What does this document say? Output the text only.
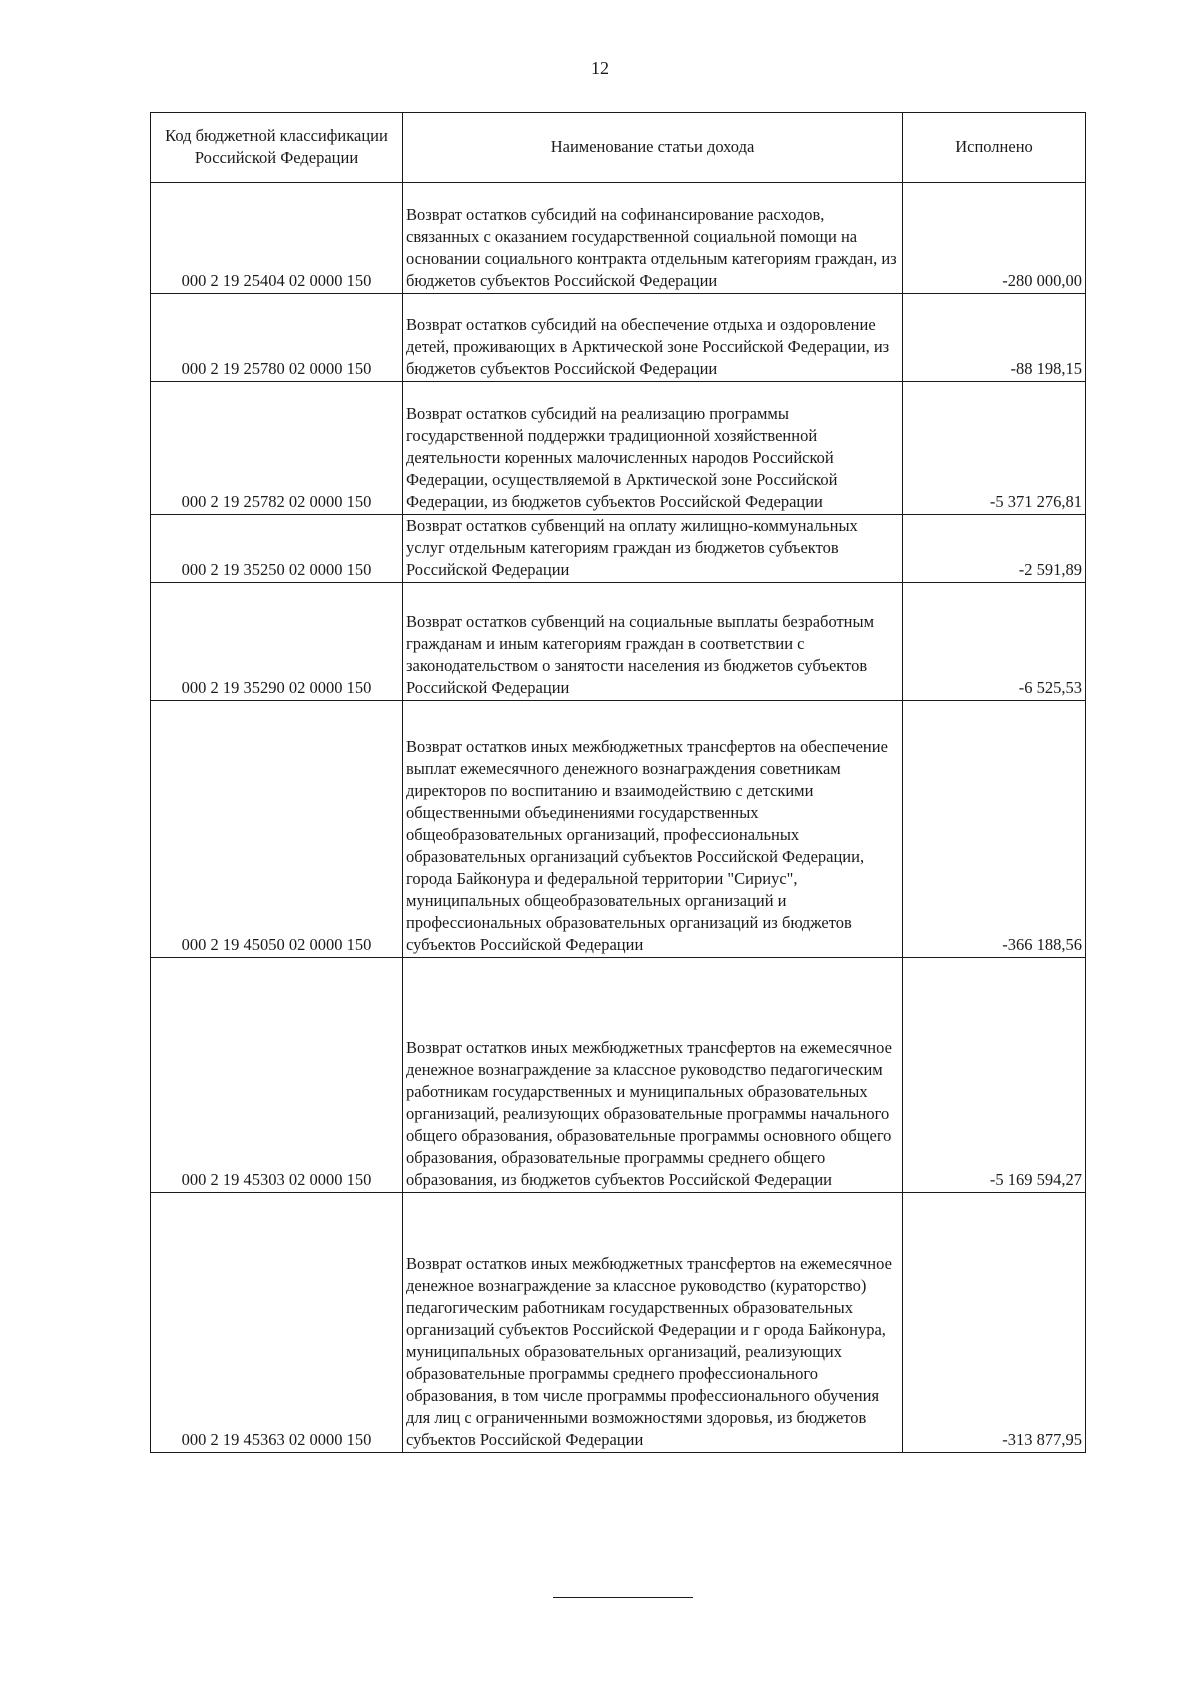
12
Код бюджетной классификации Российской Федерации	Наименование статьи дохода	Исполнено
000 2 19 25404 02 0000 150	Возврат остатков субсидий на софинансирование расходов, связанных с оказанием государственной социальной помощи на основании социального контракта отдельным категориям граждан, из бюджетов субъектов Российской Федерации	-280 000,00
000 2 19 25780 02 0000 150	Возврат остатков субсидий на обеспечение отдыха и оздоровление детей, проживающих в Арктической зоне Российской Федерации, из бюджетов субъектов Российской Федерации	-88 198,15
000 2 19 25782 02 0000 150	Возврат остатков субсидий на реализацию программы государственной поддержки традиционной хозяйственной деятельности коренных малочисленных народов Российской Федерации, осуществляемой в Арктической зоне Российской Федерации, из бюджетов субъектов Российской Федерации	-5 371 276,81
000 2 19 35250 02 0000 150	Возврат остатков субвенций на оплату жилищно-коммунальных услуг отдельным категориям граждан из бюджетов субъектов Российской Федерации	-2 591,89
000 2 19 35290 02 0000 150	Возврат остатков субвенций на социальные выплаты безработным гражданам и иным категориям граждан в соответствии с законодательством о занятости населения из бюджетов субъектов Российской Федерации	-6 525,53
000 2 19 45050 02 0000 150	Возврат остатков иных межбюджетных трансфертов на обеспечение выплат ежемесячного денежного вознаграждения советникам директоров по воспитанию и взаимодействию с детскими общественными объединениями государственных общеобразовательных организаций, профессиональных образовательных организаций субъектов Российской Федерации, города Байконура и федеральной территории "Сириус", муниципальных общеобразовательных организаций и профессиональных образовательных организаций из бюджетов субъектов Российской Федерации	-366 188,56
000 2 19 45303 02 0000 150	Возврат остатков иных межбюджетных трансфертов на ежемесячное денежное вознаграждение за классное руководство педагогическим работникам государственных и муниципальных образовательных организаций, реализующих образовательные программы начального общего образования, образовательные программы основного общего образования, образовательные программы среднего общего образования, из бюджетов субъектов Российской Федерации	-5 169 594,27
000 2 19 45363 02 0000 150	Возврат остатков иных межбюджетных трансфертов на ежемесячное денежное вознаграждение за классное руководство (кураторство) педагогическим работникам государственных образовательных организаций субъектов Российской Федерации и г орода Байконура, муниципальных образовательных организаций, реализующих образовательные программы среднего профессионального образования, в том числе программы профессионального обучения для лиц с ограниченными возможностями здоровья, из бюджетов субъектов Российской Федерации	-313 877,95
